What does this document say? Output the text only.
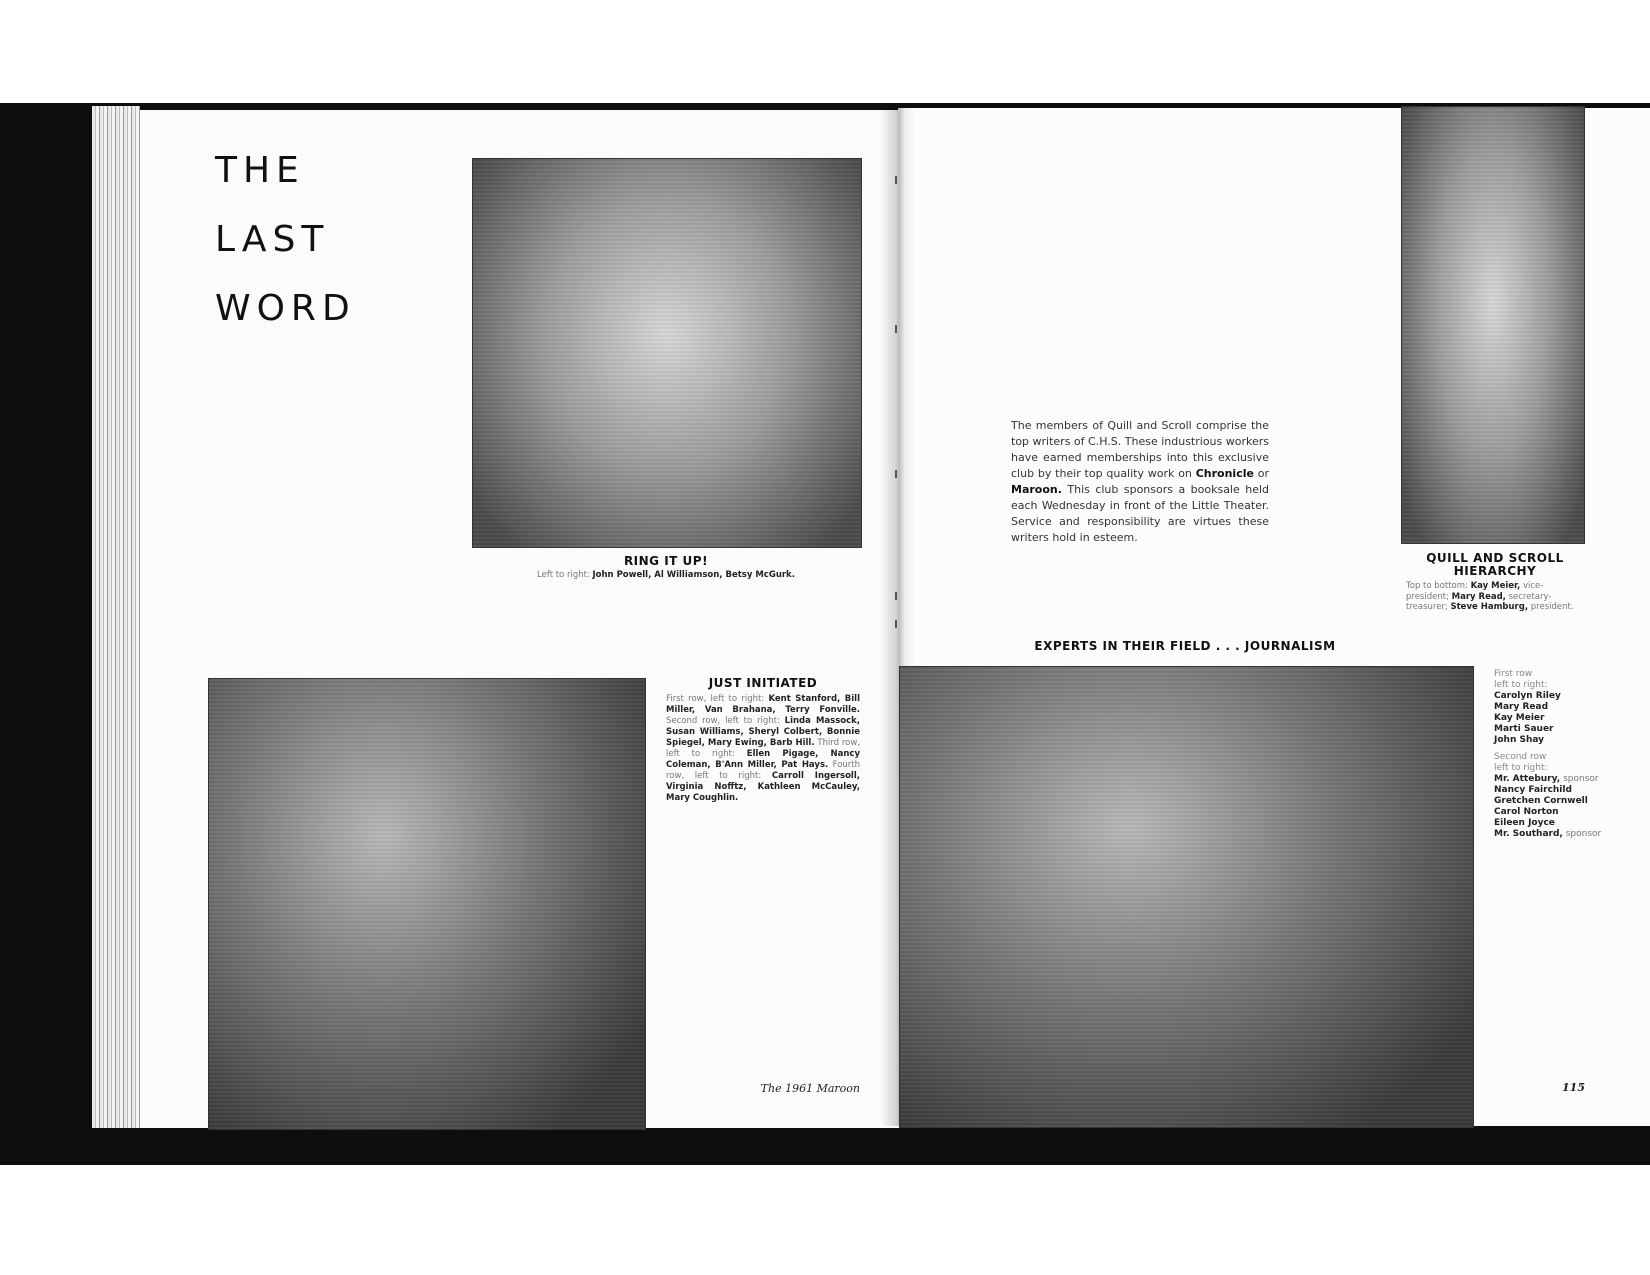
THE
LAST
WORD
RING IT UP!
Left to right: John Powell, Al Williamson, Betsy McGurk.
JUST INITIATED
First row, left to right: Kent Stanford, Bill Miller, Van Brahana, Terry Fonville. Second row, left to right: Linda Massock, Susan Williams, Sheryl Colbert, Bonnie Spiegel, Mary Ewing, Barb Hill. Third row, left to right: Ellen Pigage, Nancy Coleman, B'Ann Miller, Pat Hays. Fourth row, left to right: Carroll Ingersoll, Virginia Nofftz, Kathleen McCauley, Mary Coughlin.
The 1961 Maroon
The members of Quill and Scroll comprise the top writers of C.H.S. These industrious workers have earned memberships into this exclusive club by their top quality work on Chronicle or Maroon. This club sponsors a booksale held each Wednesday in front of the Little Theater. Service and responsibility are virtues these writers hold in esteem.
QUILL AND SCROLL
HIERARCHY
Top to bottom: Kay Meier, vice-president; Mary Read, secretary-treasurer; Steve Hamburg, president.
EXPERTS IN THEIR FIELD . . . JOURNALISM
First row
left to right:
Carolyn Riley
Mary Read
Kay Meier
Marti Sauer
John Shay
Second row
left to right:
Mr. Attebury, sponsor
Nancy Fairchild
Gretchen Cornwell
Carol Norton
Eileen Joyce
Mr. Southard, sponsor
115
